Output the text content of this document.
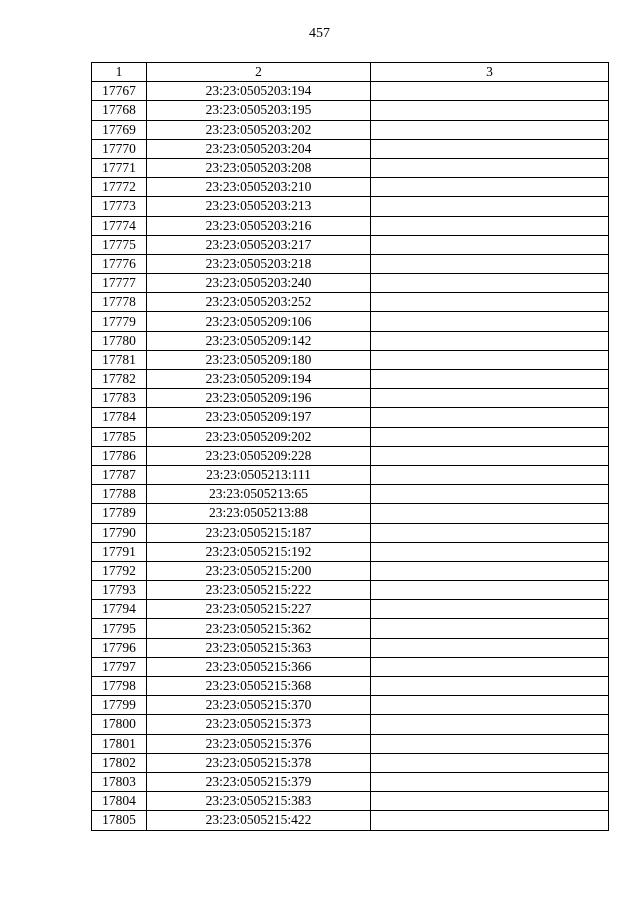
457
1	2	3
17767	23:23:0505203:194	
17768	23:23:0505203:195	
17769	23:23:0505203:202	
17770	23:23:0505203:204	
17771	23:23:0505203:208	
17772	23:23:0505203:210	
17773	23:23:0505203:213	
17774	23:23:0505203:216	
17775	23:23:0505203:217	
17776	23:23:0505203:218	
17777	23:23:0505203:240	
17778	23:23:0505203:252	
17779	23:23:0505209:106	
17780	23:23:0505209:142	
17781	23:23:0505209:180	
17782	23:23:0505209:194	
17783	23:23:0505209:196	
17784	23:23:0505209:197	
17785	23:23:0505209:202	
17786	23:23:0505209:228	
17787	23:23:0505213:111	
17788	23:23:0505213:65	
17789	23:23:0505213:88	
17790	23:23:0505215:187	
17791	23:23:0505215:192	
17792	23:23:0505215:200	
17793	23:23:0505215:222	
17794	23:23:0505215:227	
17795	23:23:0505215:362	
17796	23:23:0505215:363	
17797	23:23:0505215:366	
17798	23:23:0505215:368	
17799	23:23:0505215:370	
17800	23:23:0505215:373	
17801	23:23:0505215:376	
17802	23:23:0505215:378	
17803	23:23:0505215:379	
17804	23:23:0505215:383	
17805	23:23:0505215:422	
